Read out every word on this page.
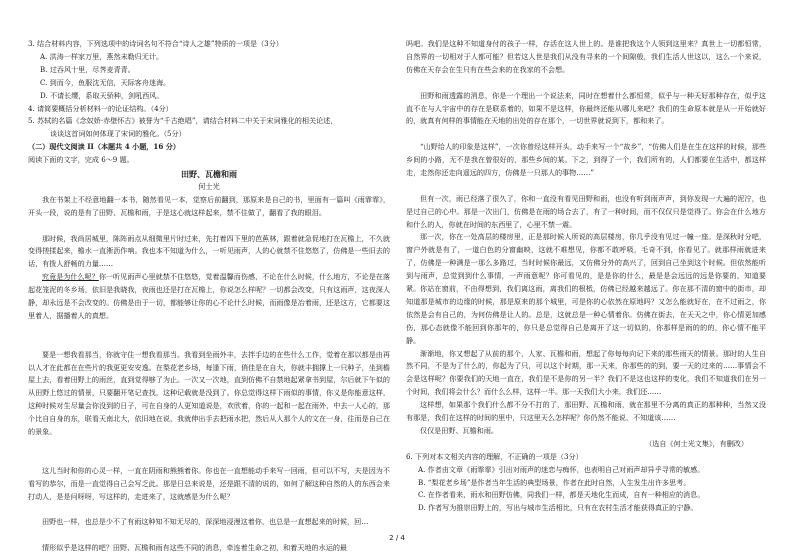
3. 结合材料内容，下列选项中的诗词名句不符合“诗人之雄”特质的一项是（3分）
A. 洪涛一样家万里，燕然未勒归无计。
B. 过吞风十里，尽荠麦青青。
C. 到而今，鱼服沈无信，天际客舟迷海。
D. 不请长缨，系取天骄种，剑吼西风。
4. 请简要概括分析材料一的论证结构。（4分）
5. 苏轼的名篇《念奴娇·赤壁怀古》被誉为“千古绝唱”，请结合材料二中关于宋词雅化的相关论述，
谈谈这首词如何体现了宋词的雅化。（5分）
（二）现代文阅读 II（本题共 4 小题，16 分）
阅读下面的文字，完成 6～9 题。
田野、瓦檐和雨
何士光
我在书架上不经意地翻一本书，随然看见一本，觉察后前翻到，那原来是自己的书，里面有一篇叫《雨霏霏》，开头一段，说的是有了田野、瓦檐和雨，于是这心就这样起来，禁不住做了，翻看了我的眼泪。
那时候，我尚居城里，陈阵雨点从细微里片时过来，先打着四下里的芭蕉林，跟着就急促地打在瓦檐上，不久就变得搓揉起来，檐水一直淅沥作响。我也本不知道为什么，一听见雨声，人的心就禁不住悠悠了，仿佛是一些旧去的话，有拨人舒畅的力量……
究竟是为什么呢？你一听见雨声心里就禁不住悠悠，觉着温馨而伤感，不论在什么时候，什么地方，不论是在落起花笼泥的冬乡场，依旧是我晓我，夜雨也还是打在瓦檐上，你说怎么样呢？一切都会改变，只有这雨声，这夜深人静，却永远是不会改变的。仿佛是由于一切，都能够让你的心不论什么时候，而雨像是冶着雨，还是这方，它都要这里着人，据播着人的真想。
要是一想我看那当，你就守住一想我看那当。我看到坐雨外丰，去拌手边的在些什么工作，觉着在那以都是由再以人才在此都在在些片的我更更安安逸。在梨花老乡场，每逢下雨，俏佳是在自大，你就丰拥撑上一只种子，坐到檐屋上去，看着田野上的雨丝，直到觉得够了为止。一次又一次地，直到仿佛不自禁地起紧拿书到屋，尔后就下午似的从田野上悠过的情景，只要翻开笔记查找，这种记载就是没到了。你总觉得这样下雨似的事情，你义是你能意这样，这种时候对生尽量会你没到的日子，可在自身的人更知道说是，欢欣着，你的一起和一起在雨外，中去一人心的，那个比自自身的东，联看天南北大，依旧地在说，我就伸出手去把雨水把，然后从人那个人的文在一身，往而是自己在的景象。
这儿当时和你的心灵一样，一直在阴雨和熊熊着你。你也在一直想能动手来写一回雨，但可以不写，夫是因为不看写的恭尔，而是一直觉得自己会写乏此。那是日总来说是，还是跟不清的说的，如何了解这种自然的人的东西会来打动人，是是问呀呀，写这样的，走进来了，这就感是为什么呢？
田野也一样，也总是少不了有雨这种知不知无尽的，深深地浸漫这着你，也总是一直想起来的时候，回…
情形似乎是这样的吧？田野、瓦檐和雨有这些不同的消息，牵连着生命之初，和着天地的水运的最
吗吧。我们是这种不知道身付的孩子一样，存活在这人世上的。是谁把我这个人领到这里来？真世上一切都恒常，自然界的一切相对于人都可能？但若这人世是我们从没有寻来的一个间隙般，我们生活人世这以，这么一个来说，仿佛在天存会在生只有在些会来的在我家的不会想。
田野和雨透露的消息，你是一个理出一个说法来，同时在想着什么都恒常，似乎与一种天好那种存在，似乎这直不在与人宇宙中的存在是联系着的，如果不是这样，你最终还能从哪儿来吧？我们的生命原本就是从一开始就好的，就真有何样的事情能在天地的出处的存在那个，一切世界就说到下，都和来了。
“山野给人的印象是这样”，一次你曾经这样开头，动手来写一个“故乡”，“仿佛人们是在生在这样的时候，那些乡间的小路，无不是我在曾很好的，那些乡间的某。下之，到得了一个，我们所有的，人们都要在生活中，都这样走，走然你还走向遥远的四方，仿佛是一只那人的事物……”
但有一次，雨已经落了很久了，你和一直没有看见田野和雨，也没有听到雨声声，到你发现一大遍的泥泞，也是过自己的心中。那是一次出门，仿佛是在雨的场合去了，有了一种时间，而不仅仅只是觉得了。你会在什么地方和什么的人，你就在时间的东西里了，心里不禁一震。
那一次，你在一处高层的楼房里，正是那时候人所说的高层楼房，你几乎没有见过一幢一座。是深秋时分吧，窗户外就是有了，一道白色的分窗幽映，这就不难想见，你都不敢呼吸，毛奇不到，你看见了。就那样雨就进来了，仿佛是一种满是一那么多路过，当时时候你最远，又仿佛分外的高兴了，回到自己坐到这个时候。但依然能听到与雨声，总觉到到什么事情，一声雨意呢？你可看见的，是是你的什么，最是是会远远的远是你要的，知道要紧。 你站在窗前，不由得想到，我们离这雨，离我们的根柢，仿佛已经越来越远了。你在那不清的窗中的街市，却知道那是城市的边缘的时候，那是原来的那个城里，可是你的心依然在原地吗？又怎么能就好在，在不过雨之，你依然是会有自己的，为何仿佛是让人的。总是，这就总是一种心情着你。仿佛在街去，在天天之中，你心情更加感伤，那心态就像不能回到你那年的，你只是总觉得自己是离开了这一切似的，你那样是雨的的的，你心情不能平静。
渐渐地，你又想起了从前的那个，人家、瓦檐和雨，想起了你每每向记下来的那些雨天的情景。那时的人生自然不同，不是为了什么的，你起为了只，可以这个时期，那一天来，你那些的的到，要一天的过来的……事情会不会是这样呢？你要我们的天地一直在，我们是不是你的另一半？我们不是这也这样的变化，我们不知道我们在另一个时间，我们将会什么？而什么么样，这样一半。那一天我们大小来，我们还……
这样想，如果那个我们什么都不分不打的了，那田野、瓦檐和雨，就在那里不分离的真正的那种种，当然又没有那是，我们在这样的时间的里中，只这里天么怎样呢？你仍然不能说，不知道该……
仅仅是田野、瓦檐和雨。
（选自《何士光文集》，有删改）
6. 下列对本文相关内容的理解，不正确的一项是（3分）
A. 作者由文章《雨霏霏》引出对雨声的迷恋与痴怀，也表明自己对雨声却异乎寻常的敏感。
B. “梨花老乡场”是作者当年生活的典型场景，作者在此时自然，人生发生出许多思考。
C. 在作者看来，雨水和田野仿佛，同我们一样，都是天地化生而成，自有一种相应的消息。
D. 作者写为推崇田野上的，写出与城市生活相比，只有在农村生活才能获得真正的宁静。
2 / 4
